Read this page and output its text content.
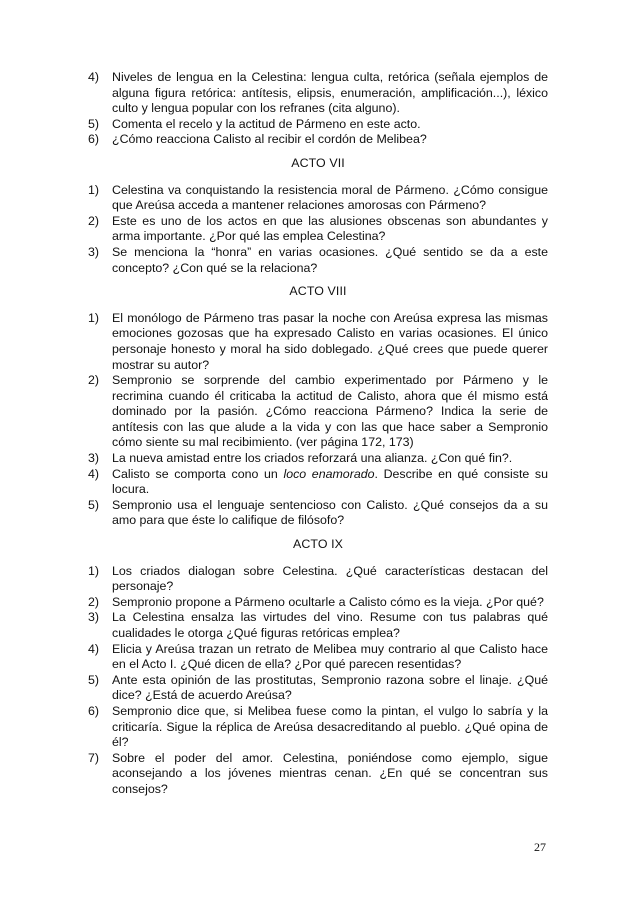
4)	Niveles de lengua en la Celestina: lengua culta, retórica (señala ejemplos de alguna figura retórica: antítesis, elipsis, enumeración, amplificación...), léxico culto y lengua popular con los refranes (cita alguno).
5)	Comenta el recelo y la actitud de Pármeno en este acto.
6)	¿Cómo reacciona Calisto al recibir el cordón de Melibea?
ACTO VII
1)	Celestina va conquistando la resistencia moral de Pármeno. ¿Cómo consigue que Areúsa acceda a mantener relaciones amorosas con Pármeno?
2)	Este es uno de los actos en que las alusiones obscenas son abundantes y arma importante. ¿Por qué las emplea Celestina?
3)	Se menciona la “honra” en varias ocasiones. ¿Qué sentido se da a este concepto? ¿Con qué se la relaciona?
ACTO VIII
1)	El monólogo de Pármeno tras pasar la noche con Areúsa expresa las mismas emociones gozosas que ha expresado Calisto en varias ocasiones. El único personaje honesto y moral ha sido doblegado. ¿Qué crees que puede querer mostrar su autor?
2)	Sempronio se sorprende del cambio experimentado por Pármeno y le recrimina cuando él criticaba la actitud de Calisto, ahora que él mismo está dominado por la pasión. ¿Cómo reacciona Pármeno? Indica la serie de antítesis con las que alude a la vida y con las que hace saber a Sempronio cómo siente su mal recibimiento. (ver página 172, 173)
3)	La nueva amistad entre los criados reforzará una alianza. ¿Con qué fin?.
4)	Calisto se comporta cono un loco enamorado. Describe en qué consiste su locura.
5)	Sempronio usa el lenguaje sentencioso con Calisto. ¿Qué consejos da a su amo para que éste lo califique de filósofo?
ACTO IX
1)	Los criados dialogan sobre Celestina. ¿Qué características destacan del personaje?
2)	Sempronio propone a Pármeno ocultarle a Calisto cómo es la vieja. ¿Por qué?
3)	La Celestina ensalza las virtudes del vino. Resume con tus palabras qué cualidades le otorga ¿Qué figuras retóricas emplea?
4)	Elicia y Areúsa trazan un retrato de Melibea muy contrario al que Calisto hace en el Acto I. ¿Qué dicen de ella? ¿Por qué parecen resentidas?
5)	Ante esta opinión de las prostitutas, Sempronio razona sobre el linaje. ¿Qué dice? ¿Está de acuerdo Areúsa?
6)	Sempronio dice que, si Melibea fuese como la pintan, el vulgo lo sabría y la criticaría. Sigue la réplica de Areúsa desacreditando al pueblo. ¿Qué opina de él?
7)	Sobre el poder del amor. Celestina, poniéndose como ejemplo, sigue aconsejando a los jóvenes mientras cenan. ¿En qué se concentran sus consejos?
27
